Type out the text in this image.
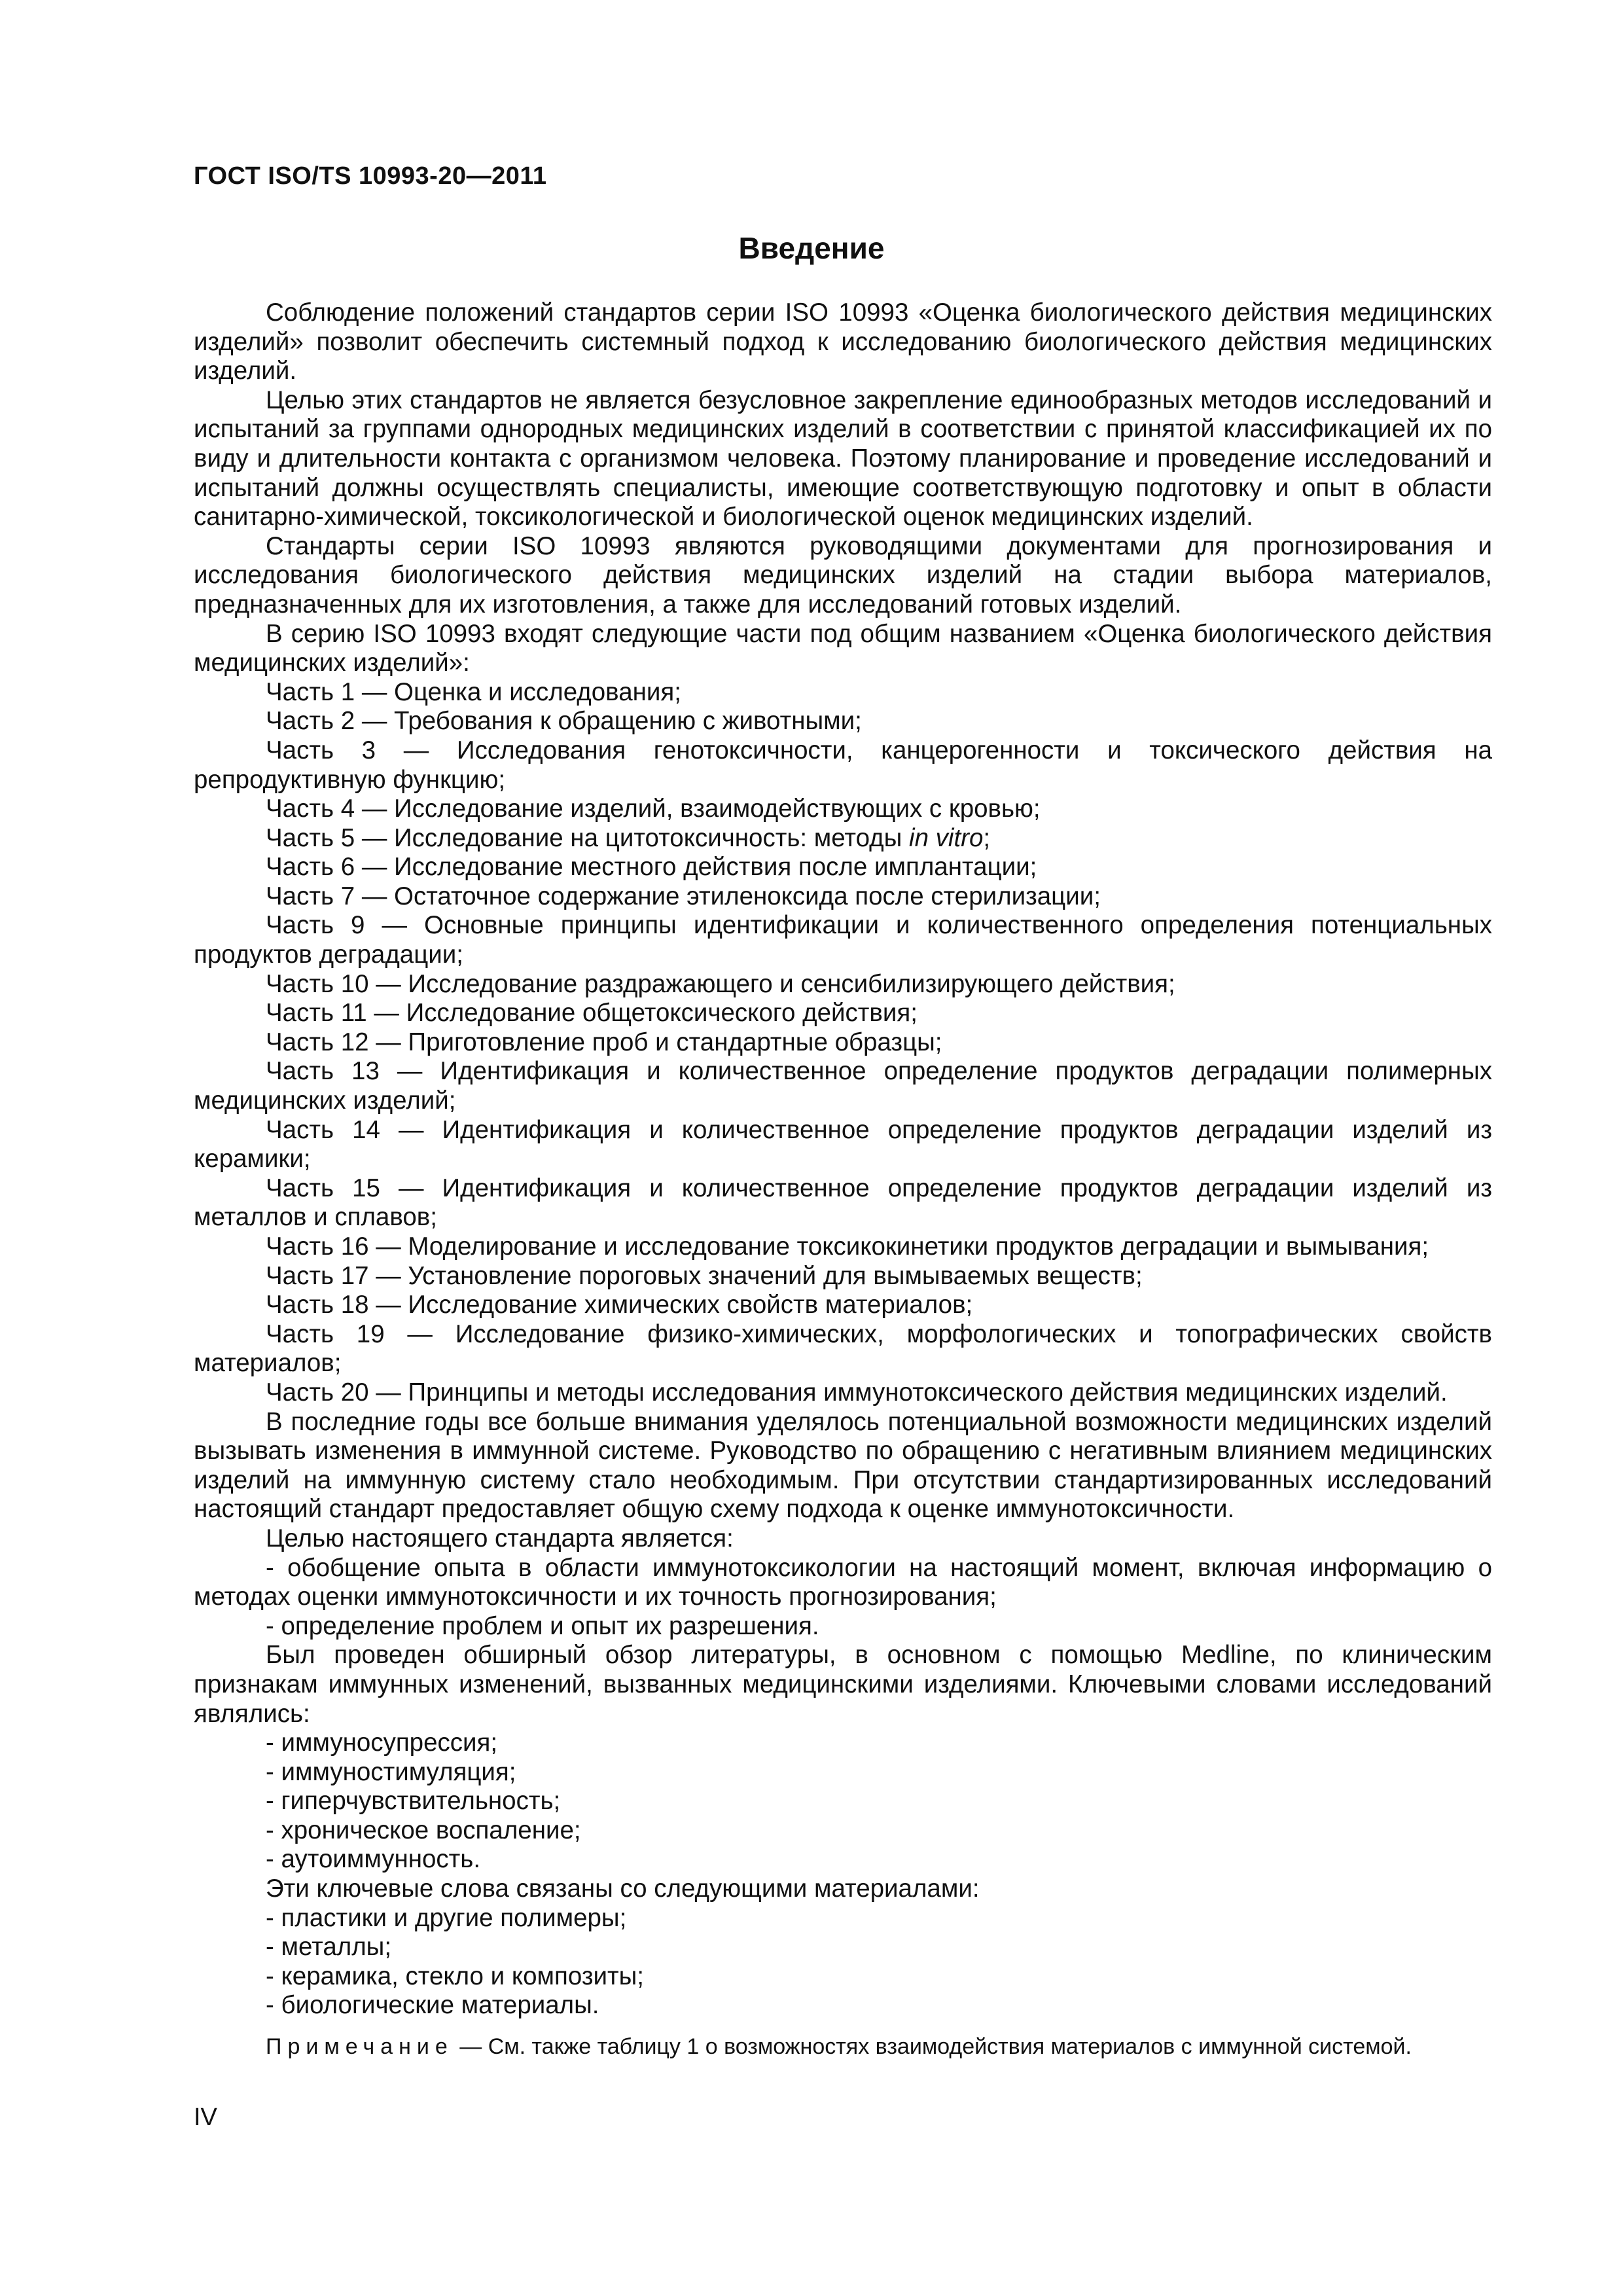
ГОСТ ISO/TS 10993-20—2011
Введение

Соблюдение положений стандартов серии ISO 10993 «Оценка биологического действия медицинских изделий» позволит обеспечить системный подход к исследованию биологического действия медицинских изделий.

Целью этих стандартов не является безусловное закрепление единообразных методов исследований и испытаний за группами однородных медицинских изделий в соответствии с принятой классификацией их по виду и длительности контакта с организмом человека. Поэтому планирование и проведение исследований и испытаний должны осуществлять специалисты, имеющие соответствующую подготовку и опыт в области санитарно-химической, токсикологической и биологической оценок медицинских изделий.

Стандарты серии ISO 10993 являются руководящими документами для прогнозирования и исследования биологического действия медицинских изделий на стадии выбора материалов, предназначенных для их изготовления, а также для исследований готовых изделий.

В серию ISO 10993 входят следующие части под общим названием «Оценка биологического действия медицинских изделий»:

Часть 1 — Оценка и исследования;

Часть 2 — Требования к обращению с животными;

Часть 3 — Исследования генотоксичности, канцерогенности и токсического действия на репродуктивную функцию;

Часть 4 — Исследование изделий, взаимодействующих с кровью;

Часть 5 — Исследование на цитотоксичность: методы in vitro;

Часть 6 — Исследование местного действия после имплантации;

Часть 7 — Остаточное содержание этиленоксида после стерилизации;

Часть 9 — Основные принципы идентификации и количественного определения потенциальных продуктов деградации;

Часть 10 — Исследование раздражающего и сенсибилизирующего действия;

Часть 11 — Исследование общетоксического действия;

Часть 12 — Приготовление проб и стандартные образцы;

Часть 13 — Идентификация и количественное определение продуктов деградации полимерных медицинских изделий;

Часть 14 — Идентификация и количественное определение продуктов деградации изделий из керамики;

Часть 15 — Идентификация и количественное определение продуктов деградации изделий из металлов и сплавов;

Часть 16 — Моделирование и исследование токсикокинетики продуктов деградации и вымывания;

Часть 17 — Установление пороговых значений для вымываемых веществ;

Часть 18 — Исследование химических свойств материалов;

Часть 19 — Исследование физико-химических, морфологических и топографических свойств материалов;

Часть 20 — Принципы и методы исследования иммунотоксического действия медицинских изделий.

В последние годы все больше внимания уделялось потенциальной возможности медицинских изделий вызывать изменения в иммунной системе. Руководство по обращению с негативным влиянием медицинских изделий на иммунную систему стало необходимым. При отсутствии стандартизированных исследований настоящий стандарт предоставляет общую схему подхода к оценке иммунотоксичности.

Целью настоящего стандарта является:

- обобщение опыта в области иммунотоксикологии на настоящий момент, включая информацию о методах оценки иммунотоксичности и их точность прогнозирования;

- определение проблем и опыт их разрешения.

Был проведен обширный обзор литературы, в основном с помощью Medline, по клиническим признакам иммунных изменений, вызванных медицинскими изделиями. Ключевыми словами исследований являлись:

- иммуносупрессия;

- иммуностимуляция;

- гиперчувствительность;

- хроническое воспаление;

- аутоиммунность.

Эти ключевые слова связаны со следующими материалами:

- пластики и другие полимеры;

- металлы;

- керамика, стекло и композиты;

- биологические материалы.

Примечание — См. также таблицу 1 о возможностях взаимодействия материалов с иммунной системой.

IV
